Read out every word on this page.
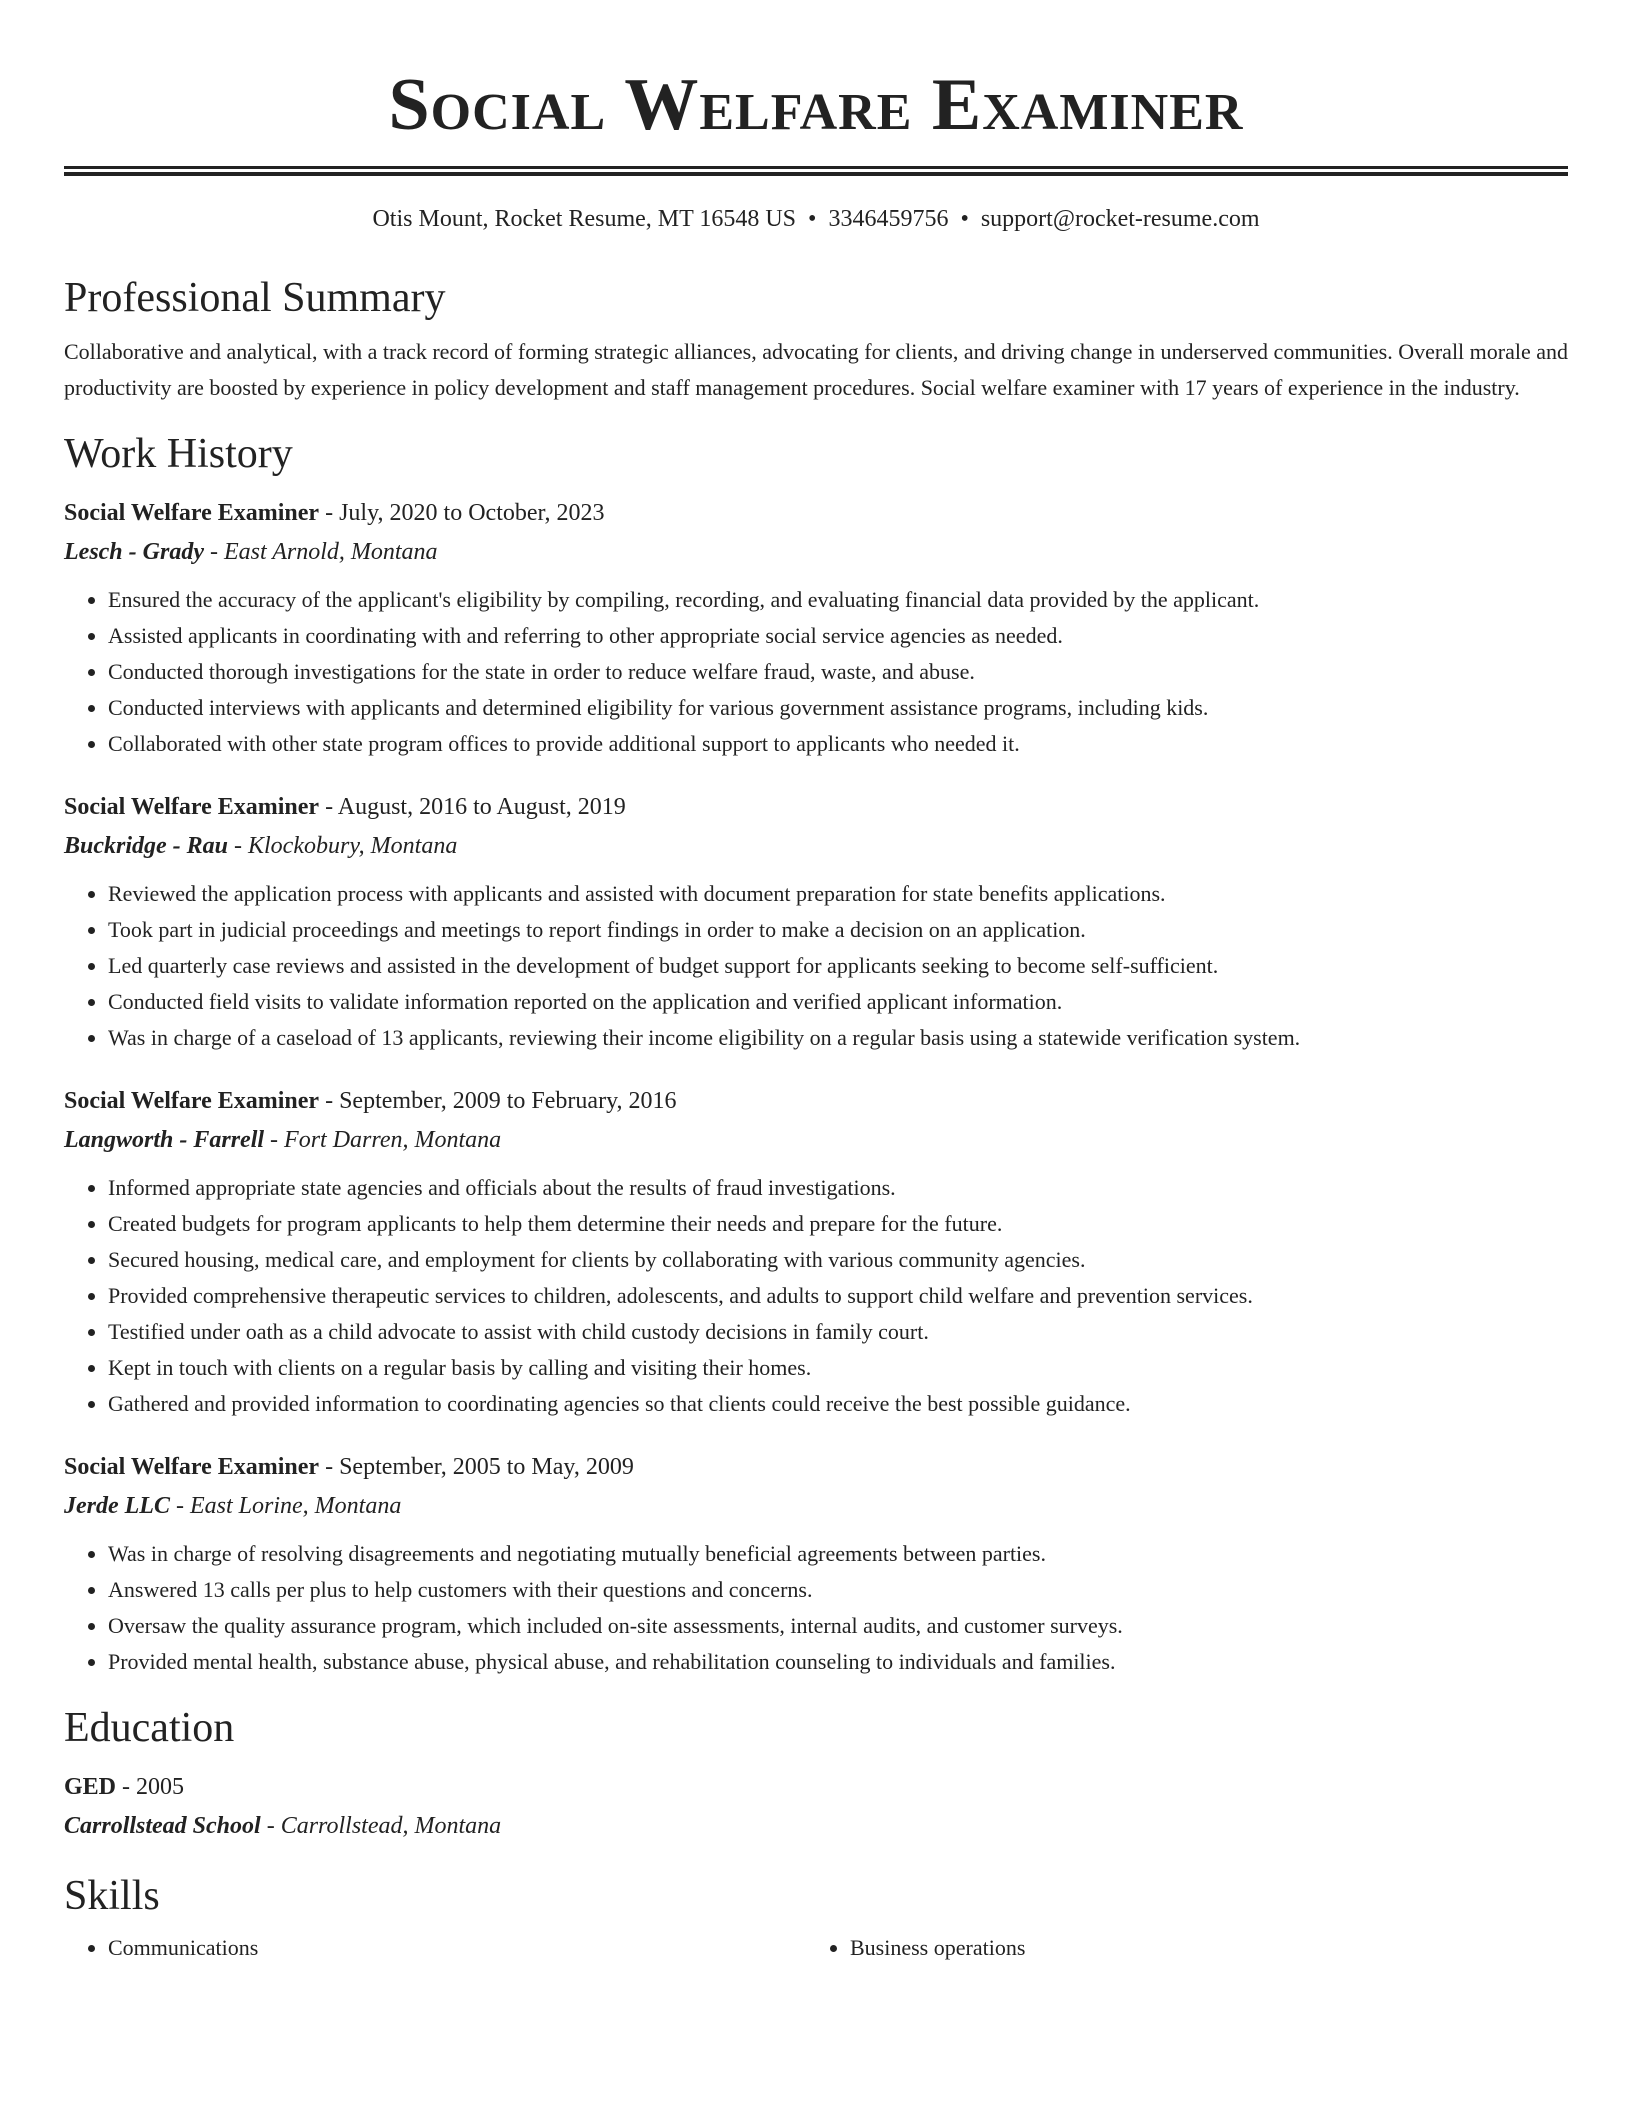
Social Welfare Examiner
Otis Mount, Rocket Resume, MT 16548 US • 3346459756 • support@rocket-resume.com
Professional Summary
Collaborative and analytical, with a track record of forming strategic alliances, advocating for clients, and driving change in underserved communities. Overall morale and productivity are boosted by experience in policy development and staff management procedures. Social welfare examiner with 17 years of experience in the industry.
Work History
Social Welfare Examiner - July, 2020 to October, 2023
Lesch - Grady - East Arnold, Montana
• Ensured the accuracy of the applicant's eligibility by compiling, recording, and evaluating financial data provided by the applicant.
• Assisted applicants in coordinating with and referring to other appropriate social service agencies as needed.
• Conducted thorough investigations for the state in order to reduce welfare fraud, waste, and abuse.
• Conducted interviews with applicants and determined eligibility for various government assistance programs, including kids.
• Collaborated with other state program offices to provide additional support to applicants who needed it.
Social Welfare Examiner - August, 2016 to August, 2019
Buckridge - Rau - Klockobury, Montana
• Reviewed the application process with applicants and assisted with document preparation for state benefits applications.
• Took part in judicial proceedings and meetings to report findings in order to make a decision on an application.
• Led quarterly case reviews and assisted in the development of budget support for applicants seeking to become self-sufficient.
• Conducted field visits to validate information reported on the application and verified applicant information.
• Was in charge of a caseload of 13 applicants, reviewing their income eligibility on a regular basis using a statewide verification system.
Social Welfare Examiner - September, 2009 to February, 2016
Langworth - Farrell - Fort Darren, Montana
• Informed appropriate state agencies and officials about the results of fraud investigations.
• Created budgets for program applicants to help them determine their needs and prepare for the future.
• Secured housing, medical care, and employment for clients by collaborating with various community agencies.
• Provided comprehensive therapeutic services to children, adolescents, and adults to support child welfare and prevention services.
• Testified under oath as a child advocate to assist with child custody decisions in family court.
• Kept in touch with clients on a regular basis by calling and visiting their homes.
• Gathered and provided information to coordinating agencies so that clients could receive the best possible guidance.
Social Welfare Examiner - September, 2005 to May, 2009
Jerde LLC - East Lorine, Montana
• Was in charge of resolving disagreements and negotiating mutually beneficial agreements between parties.
• Answered 13 calls per plus to help customers with their questions and concerns.
• Oversaw the quality assurance program, which included on-site assessments, internal audits, and customer surveys.
• Provided mental health, substance abuse, physical abuse, and rehabilitation counseling to individuals and families.
Education
GED - 2005
Carrollstead School - Carrollstead, Montana
Skills
• Communications
•	Business operations
